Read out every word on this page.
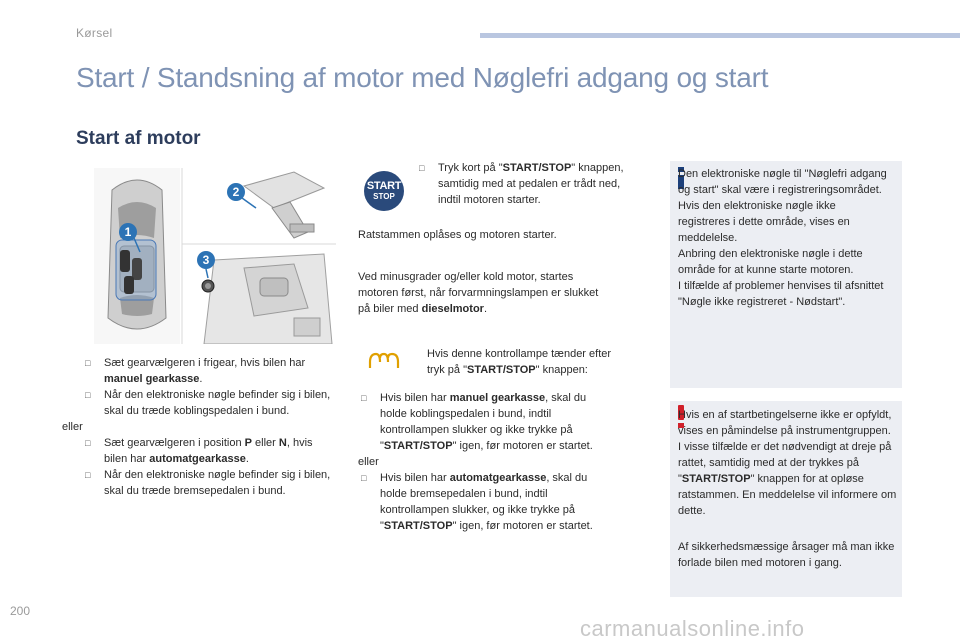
Kørsel
Start / Standsning af motor med Nøglefri adgang og start
Start af motor
1
2
3
□ Sæt gearvælgeren i frigear, hvis bilen har manuel gearkasse.
□ Når den elektroniske nøgle befinder sig i bilen, skal du træde koblingspedalen i bund.
eller
□ Sæt gearvælgeren i position P eller N, hvis bilen har automatgearkasse.
□ Når den elektroniske nøgle befinder sig i bilen, skal du træde bremsepedalen i bund.
START
STOP
□ Tryk kort på "START/STOP" knappen, samtidig med at pedalen er trådt ned, indtil motoren starter.
Ratstammen oplåses og motoren starter.
Ved minusgrader og/eller kold motor, startes motoren først, når forvarmningslampen er slukket på biler med dieselmotor.
Hvis denne kontrollampe tænder efter tryk på "START/STOP" knappen:
□ Hvis bilen har manuel gearkasse, skal du holde koblingspedalen i bund, indtil kontrollampen slukker og ikke trykke på "START/STOP" igen, før motoren er startet.
eller
□ Hvis bilen har automatgearkasse, skal du holde bremsepedalen i bund, indtil kontrollampen slukker, og ikke trykke på "START/STOP" igen, før motoren er startet.
Den elektroniske nøgle til "Nøglefri adgang og start" skal være i registreringsområdet.
Hvis den elektroniske nøgle ikke registreres i dette område, vises en meddelelse.
Anbring den elektroniske nøgle i dette område for at kunne starte motoren.
I tilfælde af problemer henvises til afsnittet "Nøgle ikke registreret - Nødstart".
Hvis en af startbetingelserne ikke er opfyldt, vises en påmindelse på instrumentgruppen.
I visse tilfælde er det nødvendigt at dreje på rattet, samtidig med at der trykkes på "START/STOP" knappen for at opløse ratstammen. En meddelelse vil informere om dette.
Af sikkerhedsmæssige årsager må man ikke forlade bilen med motoren i gang.
200
carmanualsonline.info
